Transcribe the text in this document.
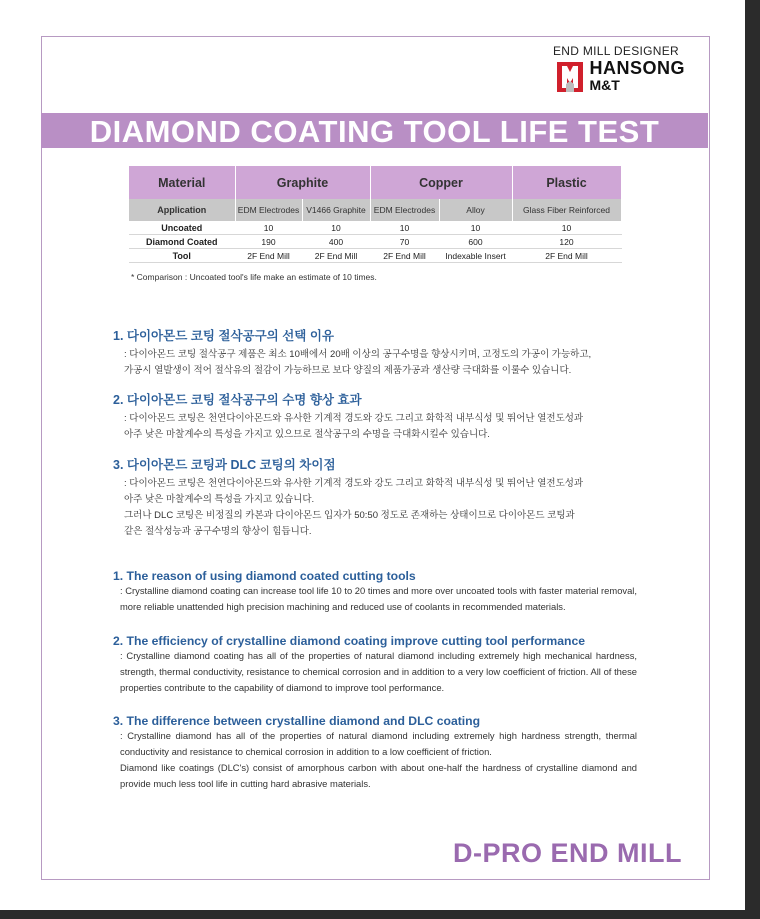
END MILL DESIGNER
HANSONG
M&T
DIAMOND COATING TOOL LIFE TEST
Material	Graphite		Copper		Plastic
Application	EDM Electrodes	V1466 Graphite	EDM Electrodes	Alloy	Glass Fiber Reinforced
Uncoated	10	10	10	10	10
Diamond Coated	190	400	70	600	120
Tool	2F End Mill	2F End Mill	2F End Mill	Indexable Insert	2F End Mill
* Comparison : Uncoated tool's life make an estimate of 10 times.
1. 다이아몬드 코팅 절삭공구의 선택 이유

: 다이아몬드 코팅 절삭공구 제품은 최소 10배에서 20배 이상의 공구수명을 향상시키며, 고정도의 가공이 가능하고,
가공시 열발생이 적어 절삭유의 절감이 가능하므로 보다 양질의 제품가공과 생산량 극대화를 이룰수 있습니다.

2. 다이아몬드 코팅 절삭공구의 수명 향상 효과

: 다이아몬드 코팅은 천연다이아몬드와 유사한 기계적 경도와 강도 그리고 화학적 내부식성 및 뛰어난 열전도성과
아주 낮은 마찰계수의 특성을 가지고 있으므로 절삭공구의 수명을 극대화시킬수 있습니다.

3. 다이아몬드 코팅과 DLC 코팅의 차이점

: 다이아몬드 코팅은 천연다이아몬드와 유사한 기계적 경도와 강도 그리고 화학적 내부식성 및 뛰어난 열전도성과
아주 낮은 마찰계수의 특성을 가지고 있습니다.
그러나 DLC 코팅은 비정질의 카본과 다이아몬드 입자가 50:50 정도로 존재하는 상태이므로 다이아몬드 코팅과
같은 절삭성능과 공구수명의 향상이 힘듭니다.

1. The reason of using diamond coated cutting tools

: Crystalline diamond coating can increase tool life 10 to 20 times and more over uncoated tools with faster material removal, more reliable unattended high precision machining and reduced use of coolants in recommended materials.

2. The efficiency of crystalline diamond coating improve cutting tool performance

: Crystalline diamond coating has all of the properties of natural diamond including extremely high mechanical hardness, strength, thermal conductivity, resistance to chemical corrosion and in addition to a very low coefficient of friction. All of these properties contribute to the capability of diamond to improve tool performance.

3. The difference between crystalline diamond and DLC coating

: Crystalline diamond has all of the properties of natural diamond including extremely high hardness strength, thermal conductivity and resistance to chemical corrosion in addition to a low coefficient of friction.

Diamond like coatings (DLC's) consist of amorphous carbon with about one-half the hardness of crystalline diamond and provide much less tool life in cutting hard abrasive materials.

D-PRO END MILL
